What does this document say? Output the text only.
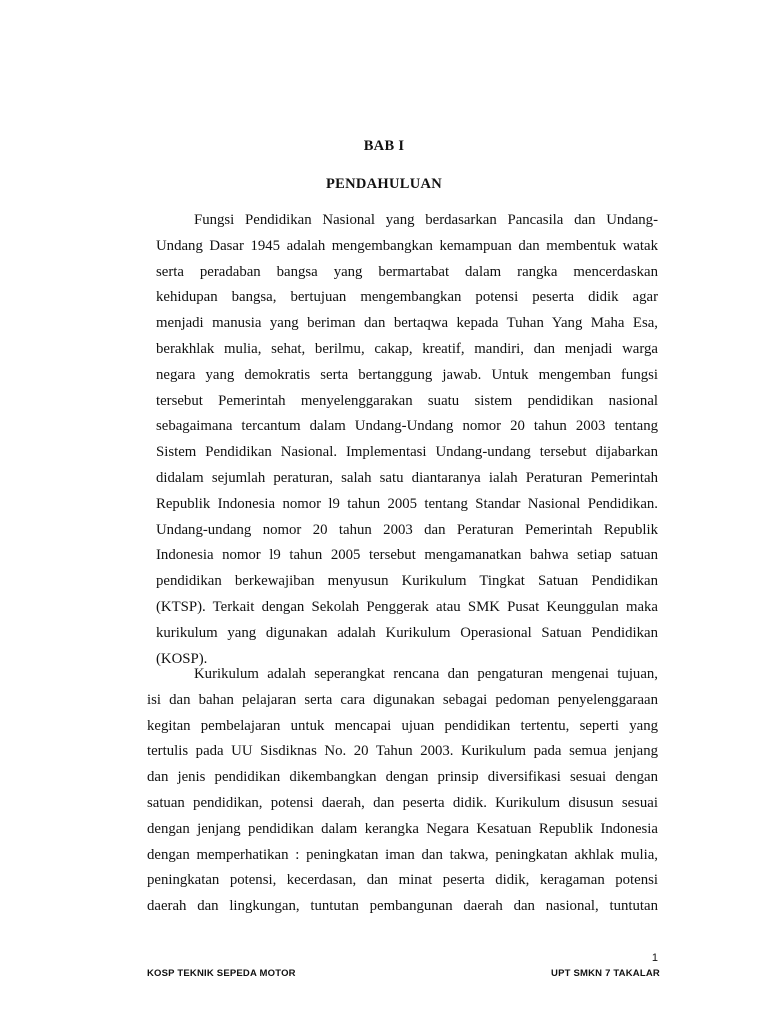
BAB I
PENDAHULUAN
Fungsi Pendidikan Nasional yang berdasarkan Pancasila dan Undang-
Undang Dasar 1945 adalah mengembangkan kemampuan dan membentuk watak
serta peradaban bangsa yang bermartabat dalam rangka mencerdaskan
kehidupan bangsa, bertujuan mengembangkan potensi peserta didik agar
menjadi manusia yang beriman dan bertaqwa kepada Tuhan Yang Maha Esa,
berakhlak mulia, sehat, berilmu, cakap, kreatif, mandiri, dan menjadi warga
negara yang demokratis serta bertanggung jawab. Untuk mengemban fungsi
tersebut Pemerintah menyelenggarakan suatu sistem pendidikan nasional
sebagaimana tercantum dalam Undang-Undang nomor 20 tahun 2003 tentang
Sistem Pendidikan Nasional. Implementasi Undang-undang tersebut dijabarkan
didalam sejumlah peraturan, salah satu diantaranya ialah Peraturan Pemerintah
Republik Indonesia nomor l9 tahun 2005 tentang Standar Nasional Pendidikan.
Undang-undang nomor 20 tahun 2003 dan Peraturan Pemerintah Republik
Indonesia nomor l9 tahun 2005 tersebut mengamanatkan bahwa setiap satuan
pendidikan berkewajiban menyusun Kurikulum Tingkat Satuan Pendidikan
(KTSP). Terkait dengan Sekolah Penggerak atau SMK Pusat Keunggulan maka
kurikulum yang digunakan adalah Kurikulum Operasional Satuan Pendidikan
(KOSP).
Kurikulum adalah seperangkat rencana dan pengaturan mengenai tujuan,
isi dan bahan pelajaran serta cara digunakan sebagai pedoman penyelenggaraan
kegitan pembelajaran untuk mencapai ujuan pendidikan tertentu, seperti yang
tertulis pada UU Sisdiknas No. 20 Tahun 2003. Kurikulum pada semua jenjang
dan jenis pendidikan dikembangkan dengan prinsip diversifikasi sesuai dengan
satuan pendidikan, potensi daerah, dan peserta didik. Kurikulum disusun sesuai
dengan jenjang pendidikan dalam kerangka Negara Kesatuan Republik Indonesia
dengan memperhatikan : peningkatan iman dan takwa, peningkatan akhlak mulia,
peningkatan potensi, kecerdasan, dan minat peserta didik, keragaman potensi
daerah dan lingkungan, tuntutan pembangunan daerah dan nasional, tuntutan
1
KOSP TEKNIK SEPEDA MOTOR	UPT SMKN 7 TAKALAR
